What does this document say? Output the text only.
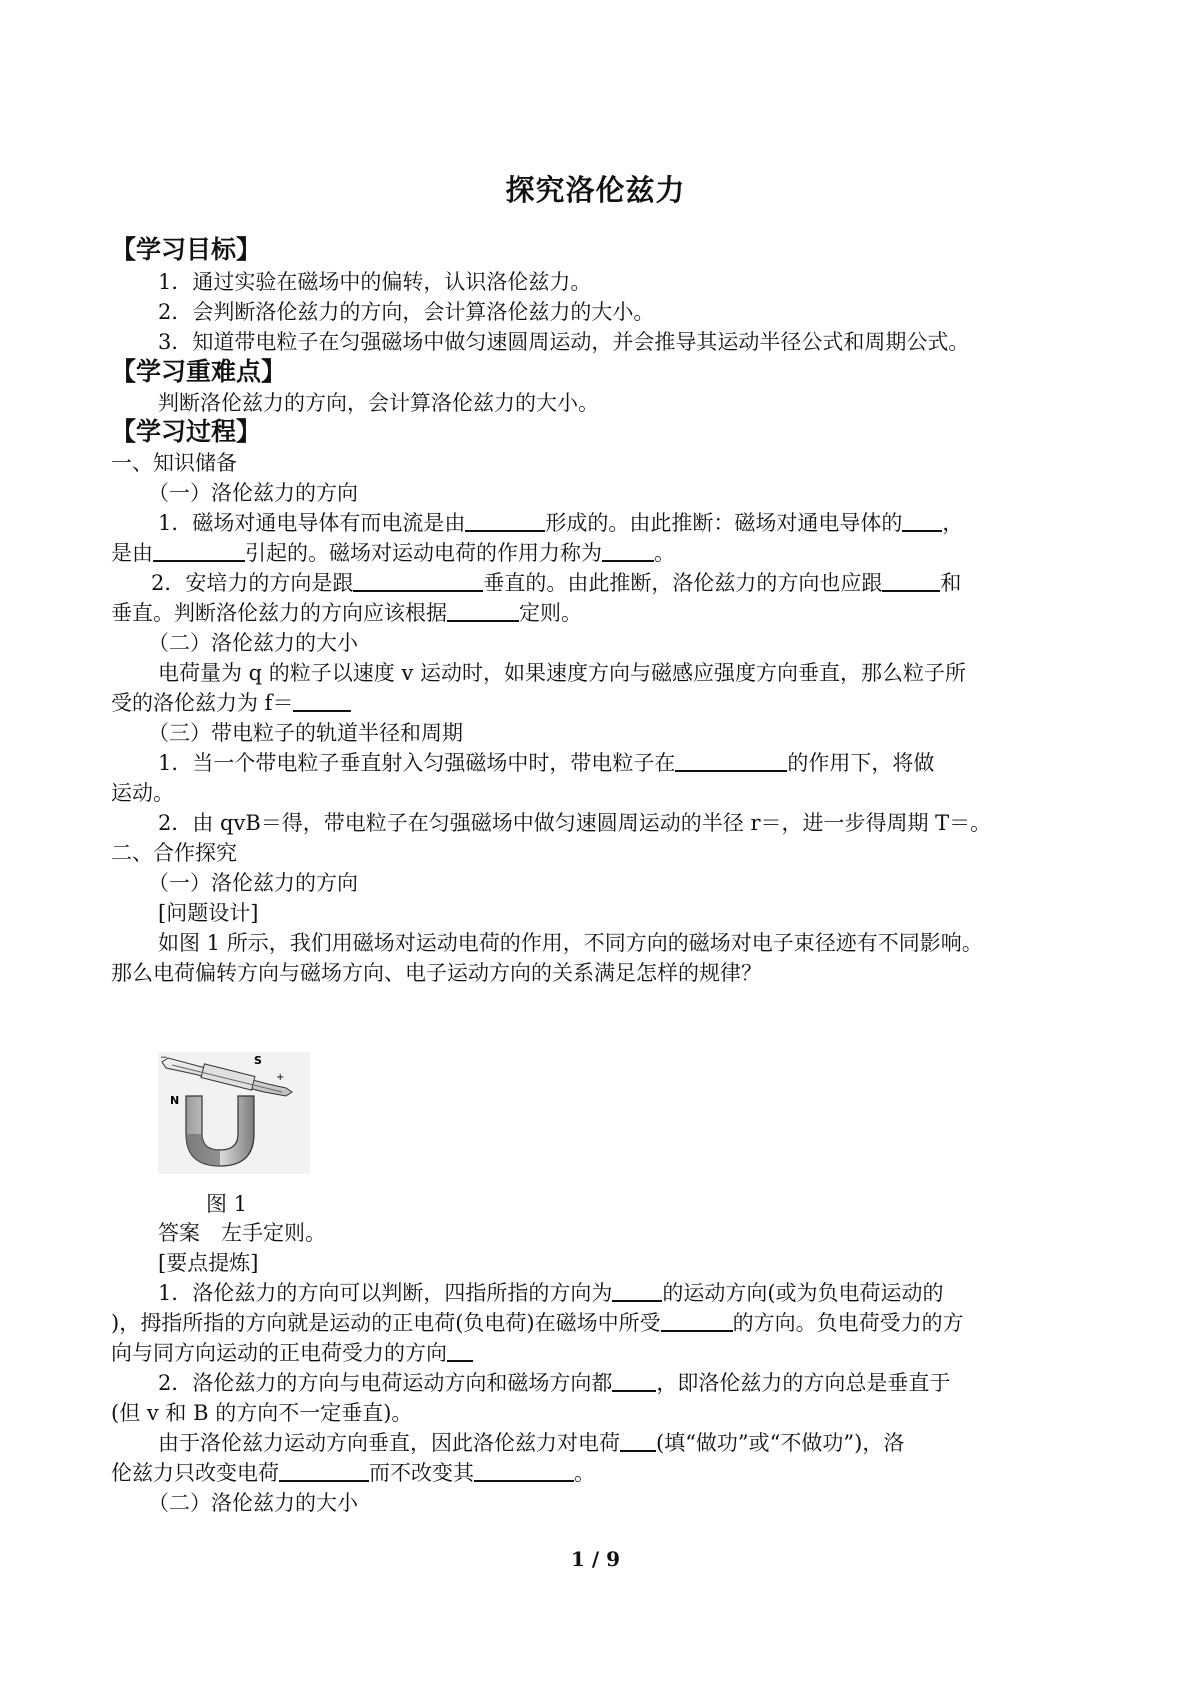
探究洛伦兹力
【学习目标】
1．通过实验在磁场中的偏转，认识洛伦兹力。
2．会判断洛伦兹力的方向，会计算洛伦兹力的大小。
3．知道带电粒子在匀强磁场中做匀速圆周运动，并会推导其运动半径公式和周期公式。
【学习重难点】
判断洛伦兹力的方向，会计算洛伦兹力的大小。
【学习过程】
一、知识储备
（一）洛伦兹力的方向
1．磁场对通电导体有而电流是由	形成的。由此推断：磁场对通电导体的 ，
是由	引起的。磁场对运动电荷的作用力称为 。
2．安培力的方向是跟	垂直的。由此推断，洛伦兹力的方向也应跟	和
垂直。判断洛伦兹力的方向应该根据	定则。
（二）洛伦兹力的大小
电荷量为 q 的粒子以速度 v 运动时，如果速度方向与磁感应强度方向垂直，那么粒子所
受的洛伦兹力为 f＝
（三）带电粒子的轨道半径和周期
1．当一个带电粒子垂直射入匀强磁场中时，带电粒子在	的作用下，将做
运动。
2．由 qvB＝得，带电粒子在匀强磁场中做匀速圆周运动的半径 r＝，进一步得周期 T＝。
二、合作探究
（一）洛伦兹力的方向
[问题设计]
如图 1 所示，我们用磁场对运动电荷的作用，不同方向的磁场对电子束径迹有不同影响。
那么电荷偏转方向与磁场方向、电子运动方向的关系满足怎样的规律？
S
N
+
−
图 1
答案　左手定则。
[要点提炼]
1．洛伦兹力的方向可以判断，四指所指的方向为 的运动方向(或为负电荷运动的
)，拇指所指的方向就是运动的正电荷(负电荷)在磁场中所受	的方向。负电荷受力的方
向与同方向运动的正电荷受力的方向
2．洛伦兹力的方向与电荷运动方向和磁场方向都 ，即洛伦兹力的方向总是垂直于
(但 v 和 B 的方向不一定垂直)。
由于洛伦兹力运动方向垂直，因此洛伦兹力对电荷 (填“做功”或“不做功”)，洛
伦兹力只改变电荷	而不改变其	。
（二）洛伦兹力的大小
1 / 9
